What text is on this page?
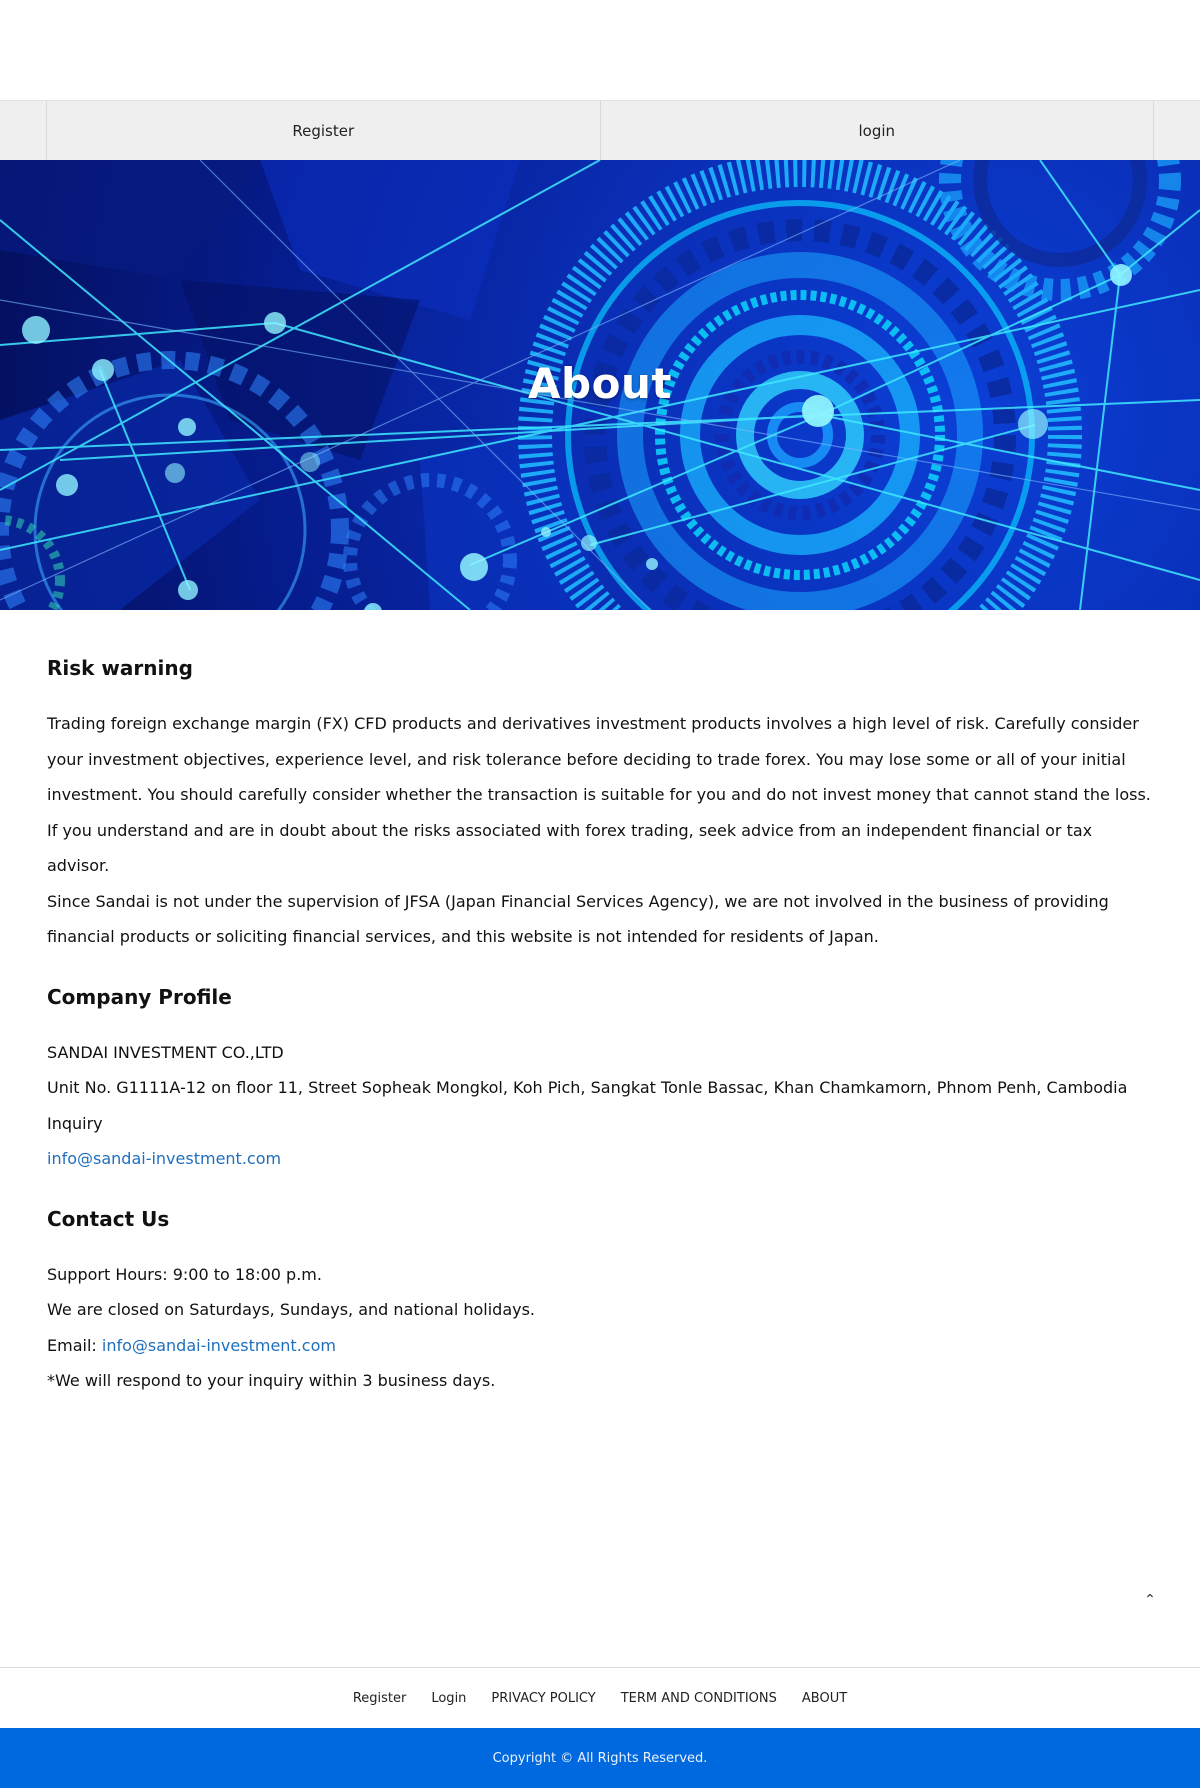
Register	login
About
Risk warning

Trading foreign exchange margin (FX) CFD products and derivatives investment products involves a high level of risk. Carefully consider your investment objectives, experience level, and risk tolerance before deciding to trade forex. You may lose some or all of your initial investment. You should carefully consider whether the transaction is suitable for you and do not invest money that cannot stand the loss. If you understand and are in doubt about the risks associated with forex trading, seek advice from an independent financial or tax advisor.

Since Sandai is not under the supervision of JFSA (Japan Financial Services Agency), we are not involved in the business of providing financial products or soliciting financial services, and this website is not intended for residents of Japan.

Company Profile

SANDAI INVESTMENT CO.,LTD

Unit No. G1111A-12 on floor 11, Street Sopheak Mongkol, Koh Pich, Sangkat Tonle Bassac, Khan Chamkamorn, Phnom Penh, Cambodia

Inquiry

info@sandai-investment.com

Contact Us

Support Hours: 9:00 to 18:00 p.m.

We are closed on Saturdays, Sundays, and national holidays.

Email: info@sandai-investment.com

*We will respond to your inquiry within 3 business days.

⌃
Register Login PRIVACY POLICY TERM AND CONDITIONS ABOUT
Copyright © All Rights Reserved.
